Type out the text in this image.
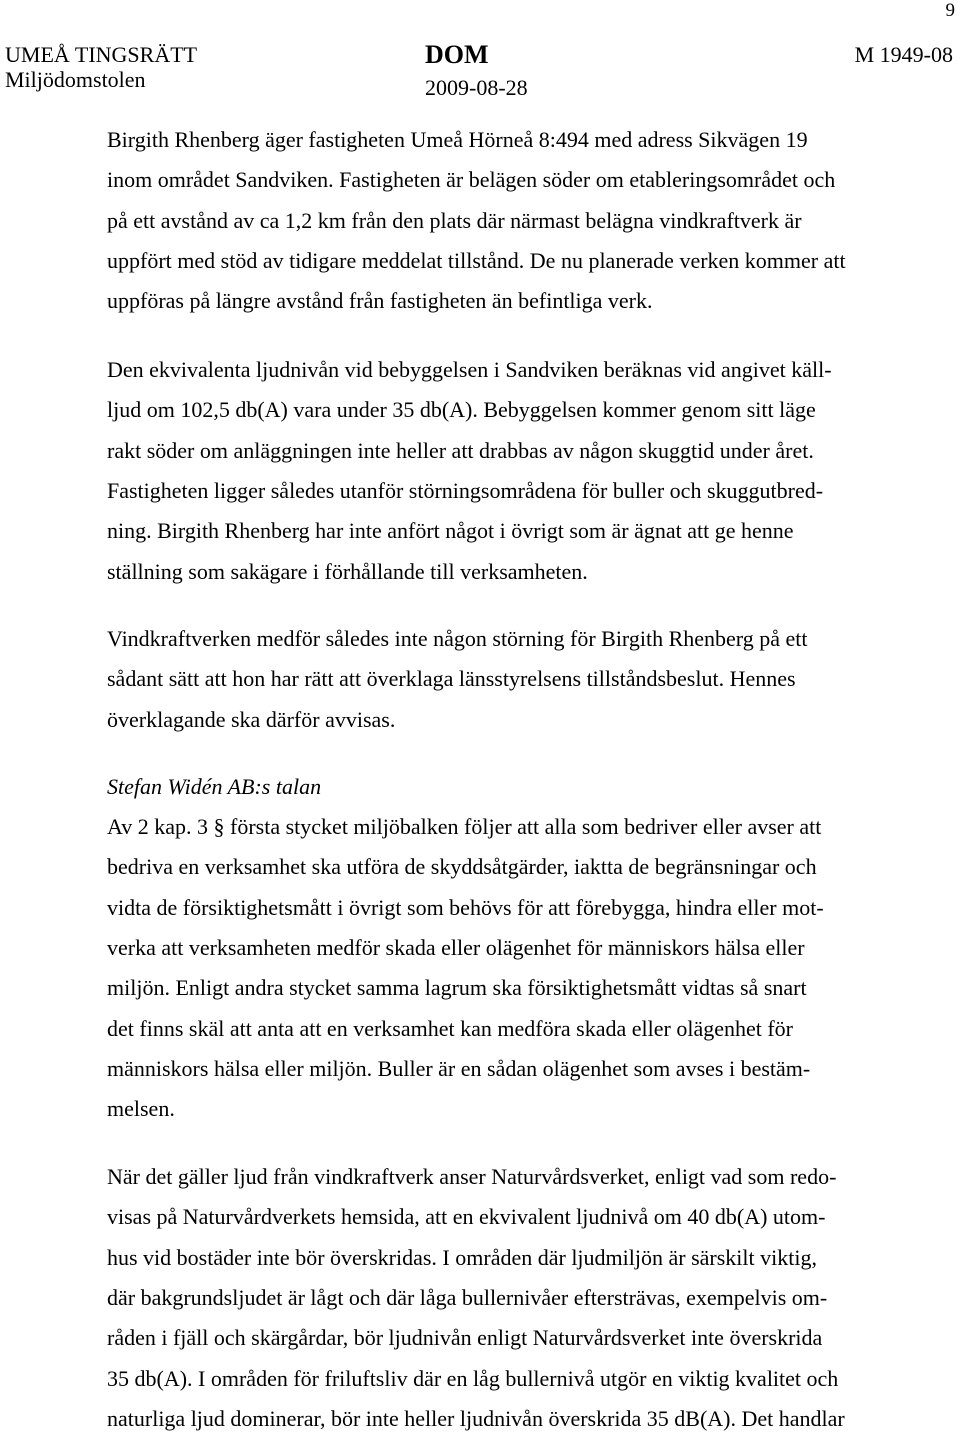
9
UMEÅ TINGSRÄTT
Miljödomstolen
DOM
2009-08-28
M 1949-08
Birgith Rhenberg äger fastigheten Umeå Hörneå 8:494 med adress Sikvägen 19
inom området Sandviken. Fastigheten är belägen söder om etableringsområdet och
på ett avstånd av ca 1,2 km från den plats där närmast belägna vindkraftverk är
uppfört med stöd av tidigare meddelat tillstånd. De nu planerade verken kommer att
uppföras på längre avstånd från fastigheten än befintliga verk.
Den ekvivalenta ljudnivån vid bebyggelsen i Sandviken beräknas vid angivet käll-
ljud om 102,5 db(A) vara under 35 db(A). Bebyggelsen kommer genom sitt läge
rakt söder om anläggningen inte heller att drabbas av någon skuggtid under året.
Fastigheten ligger således utanför störningsområdena för buller och skuggutbred-
ning. Birgith Rhenberg har inte anfört något i övrigt som är ägnat att ge henne
ställning som sakägare i förhållande till verksamheten.
Vindkraftverken medför således inte någon störning för Birgith Rhenberg på ett
sådant sätt att hon har rätt att överklaga länsstyrelsens tillståndsbeslut. Hennes
överklagande ska därför avvisas.
Stefan Widén AB:s talan
Av 2 kap. 3 § första stycket miljöbalken följer att alla som bedriver eller avser att
bedriva en verksamhet ska utföra de skyddsåtgärder, iaktta de begränsningar och
vidta de försiktighetsmått i övrigt som behövs för att förebygga, hindra eller mot-
verka att verksamheten medför skada eller olägenhet för människors hälsa eller
miljön. Enligt andra stycket samma lagrum ska försiktighetsmått vidtas så snart
det finns skäl att anta att en verksamhet kan medföra skada eller olägenhet för
människors hälsa eller miljön. Buller är en sådan olägenhet som avses i bestäm-
melsen.
När det gäller ljud från vindkraftverk anser Naturvårdsverket, enligt vad som redo-
visas på Naturvårdverkets hemsida, att en ekvivalent ljudnivå om 40 db(A) utom-
hus vid bostäder inte bör överskridas. I områden där ljudmiljön är särskilt viktig,
där bakgrundsljudet är lågt och där låga bullernivåer eftersträvas, exempelvis om-
råden i fjäll och skärgårdar, bör ljudnivån enligt Naturvårdsverket inte överskrida
35 db(A). I områden för friluftsliv där en låg bullernivå utgör en viktig kvalitet och
naturliga ljud dominerar, bör inte heller ljudnivån överskrida 35 dB(A). Det handlar
